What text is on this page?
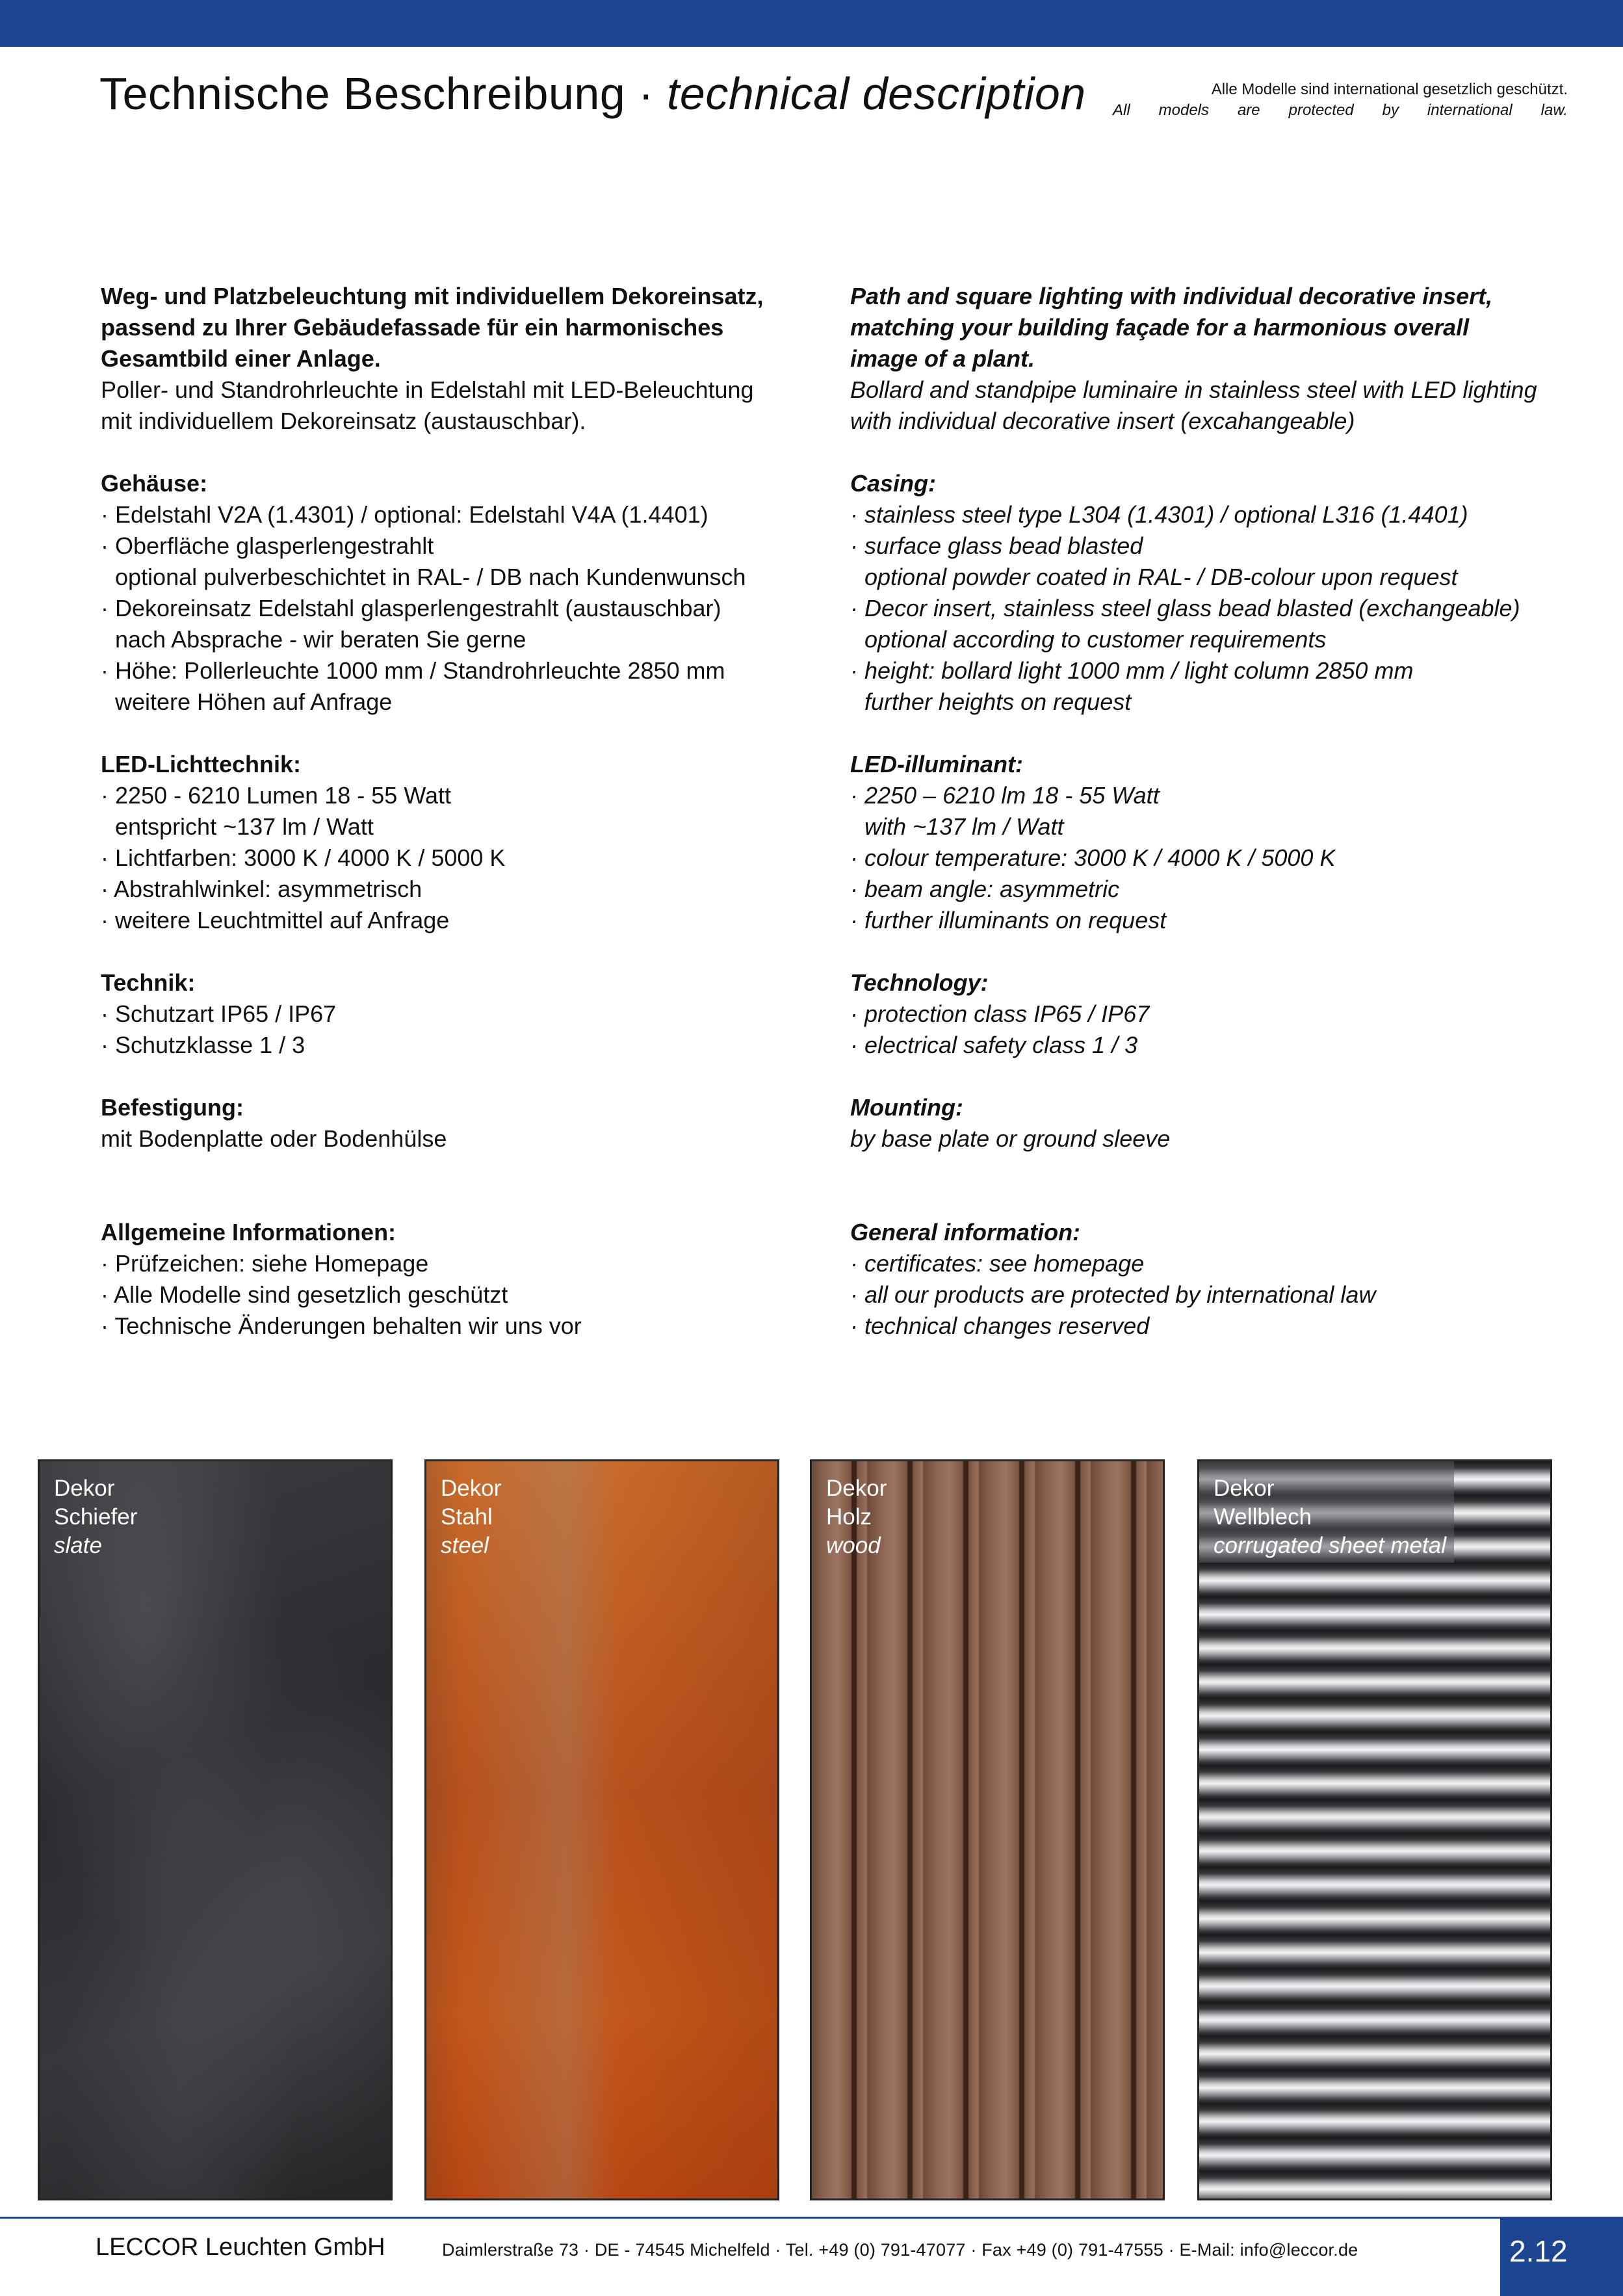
Technische Beschreibung · technical description	Alle Modelle sind international gesetzlich geschützt.
All models are protected by international law.

Weg- und Platzbeleuchtung mit individuellem Dekoreinsatz,

passend zu Ihrer Gebäudefassade für ein harmonisches

Gesamtbild einer Anlage.

Poller- und Standrohrleuchte in Edelstahl mit LED-Beleuchtung

mit individuellem Dekoreinsatz (austauschbar).

Gehäuse:

· Edelstahl V2A (1.4301) / optional: Edelstahl V4A (1.4401)

· Oberfläche glasperlengestrahlt

optional pulverbeschichtet in RAL- / DB nach Kundenwunsch

· Dekoreinsatz Edelstahl glasperlengestrahlt (austauschbar)

nach Absprache - wir beraten Sie gerne

· Höhe: Pollerleuchte 1000 mm / Standrohrleuchte 2850 mm

weitere Höhen auf Anfrage

LED-Lichttechnik:

· 2250 - 6210 Lumen 18 - 55 Watt

entspricht ~137 lm / Watt

· Lichtfarben: 3000 K / 4000 K / 5000 K

· Abstrahlwinkel: asymmetrisch

· weitere Leuchtmittel auf Anfrage

Technik:

· Schutzart IP65 / IP67

· Schutzklasse 1 / 3

Befestigung:

mit Bodenplatte oder Bodenhülse

Allgemeine Informationen:

· Prüfzeichen: siehe Homepage

· Alle Modelle sind gesetzlich geschützt

· Technische Änderungen behalten wir uns vor

Path and square lighting with individual decorative insert,

matching your building façade for a harmonious overall

image of a plant.

Bollard and standpipe luminaire in stainless steel with LED lighting

with individual decorative insert (excahangeable)

Casing:

· stainless steel type L304 (1.4301) / optional L316 (1.4401)

· surface glass bead blasted

optional powder coated in RAL- / DB-colour upon request

· Decor insert, stainless steel glass bead blasted (exchangeable)

optional according to customer requirements

· height: bollard light 1000 mm / light column 2850 mm

further heights on request

LED-illuminant:

· 2250 – 6210 lm 18 - 55 Watt

with ~137 lm / Watt

· colour temperature: 3000 K / 4000 K / 5000 K

· beam angle: asymmetric

· further illuminants on request

Technology:

· protection class IP65 / IP67

· electrical safety class 1 / 3

Mounting:

by base plate or ground sleeve

General information:

· certificates: see homepage

· all our products are protected by international law

· technical changes reserved

Dekor
Schiefer
slate
Dekor
Stahl
steel
Dekor
Holz
wood
Dekor
Wellblech
corrugated sheet metal
LECCOR Leuchten GmbH	Daimlerstraße 73 · DE - 74545 Michelfeld · Tel. +49 (0) 791-47077 · Fax +49 (0) 791-47555 · E-Mail: info@leccor.de	2.12
